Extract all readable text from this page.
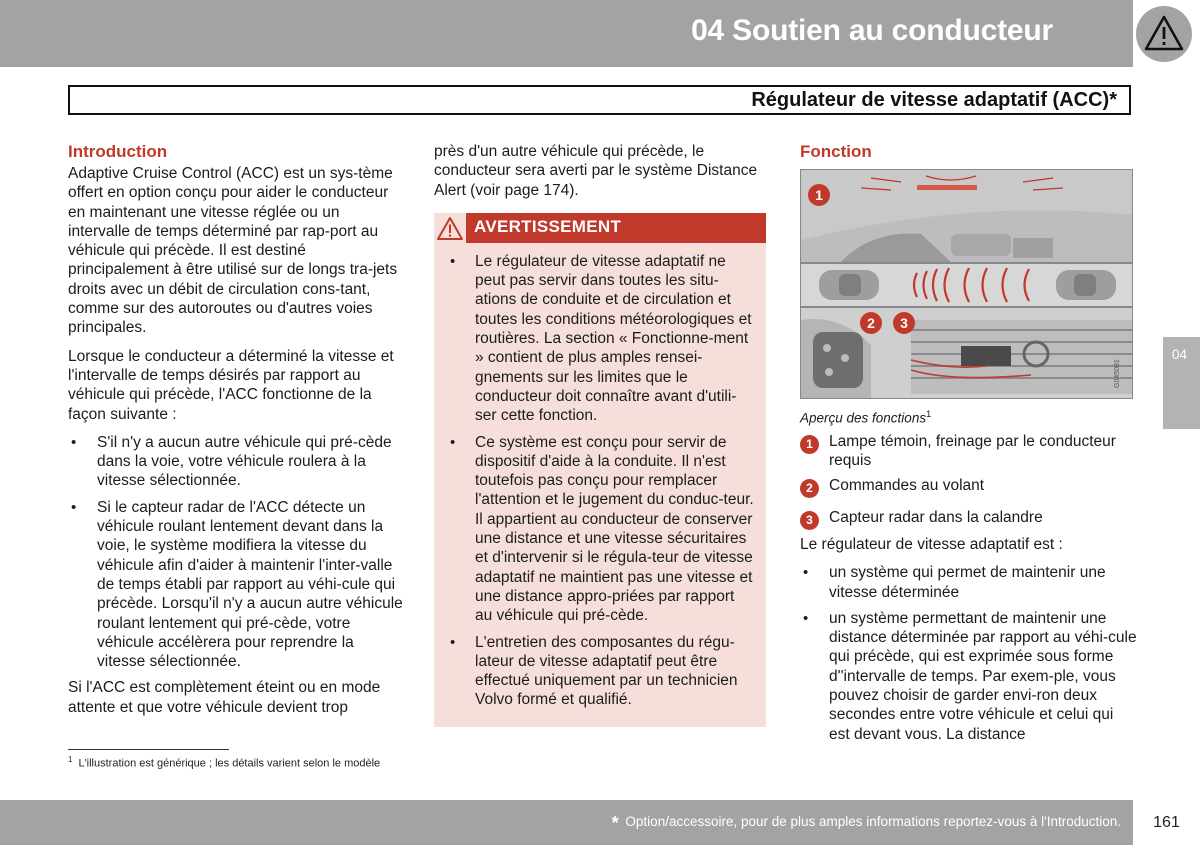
04 Soutien au conducteur
Régulateur de vitesse adaptatif (ACC)*
Introduction

Adaptive Cruise Control (ACC) est un sys-tème offert en option conçu pour aider le conducteur en maintenant une vitesse réglée ou un intervalle de temps déterminé par rap-port au véhicule qui précède. Il est destiné principalement à être utilisé sur de longs tra-jets droits avec un débit de circulation cons-tant, comme sur des autoroutes ou d'autres voies principales.

Lorsque le conducteur a déterminé la vitesse et l'intervalle de temps désirés par rapport au véhicule qui précède, l'ACC fonctionne de la façon suivante :

• S'il n'y a aucun autre véhicule qui pré-cède dans la voie, votre véhicule roulera à la vitesse sélectionnée.
• Si le capteur radar de l'ACC détecte un véhicule roulant lentement devant dans la voie, le système modifiera la vitesse du véhicule afin d'aider à maintenir l'inter-valle de temps établi par rapport au véhi-cule qui précède. Lorsqu'il n'y a aucun autre véhicule roulant lentement qui pré-cède, votre véhicule accélèrera pour reprendre la vitesse sélectionnée.

Si l'ACC est complètement éteint ou en mode attente et que votre véhicule devient trop

près d'un autre véhicule qui précède, le conducteur sera averti par le système Distance Alert (voir page 174).

AVERTISSEMENT
• Le régulateur de vitesse adaptatif ne peut pas servir dans toutes les situ-ations de conduite et de circulation et toutes les conditions météorologiques et routières. La section « Fonctionne-ment » contient de plus amples rensei-gnements sur les limites que le conducteur doit connaître avant d'utili-ser cette fonction.
• Ce système est conçu pour servir de dispositif d'aide à la conduite. Il n'est toutefois pas conçu pour remplacer l'attention et le jugement du conduc-teur. Il appartient au conducteur de conserver une distance et une vitesse sécuritaires et d'intervenir si le régula-teur de vitesse adaptatif ne maintient pas une vitesse et une distance appro-priées par rapport au véhicule qui pré-cède.
• L'entretien des composantes du régu-lateur de vitesse adaptatif peut être effectué uniquement par un technicien Volvo formé et qualifié.
Fonction
1
2 3
G045081
Aperçu des fonctions$^1$
1	Lampe témoin, freinage par le conducteur requis
2	Commandes au volant
3	Capteur radar dans la calandre

Le régulateur de vitesse adaptatif est :

• un système qui permet de maintenir une vitesse déterminée
• un système permettant de maintenir une distance déterminée par rapport au véhi-cule qui précède, qui est exprimée sous forme d''intervalle de temps. Par exem-ple, vous pouvez choisir de garder envi-ron deux secondes entre votre véhicule et celui qui est devant vous. La distance
04
$^1$ L'illustration est générique ; les détails varient selon le modèle
* Option/accessoire, pour de plus amples informations reportez-vous à l'Introduction.	161
